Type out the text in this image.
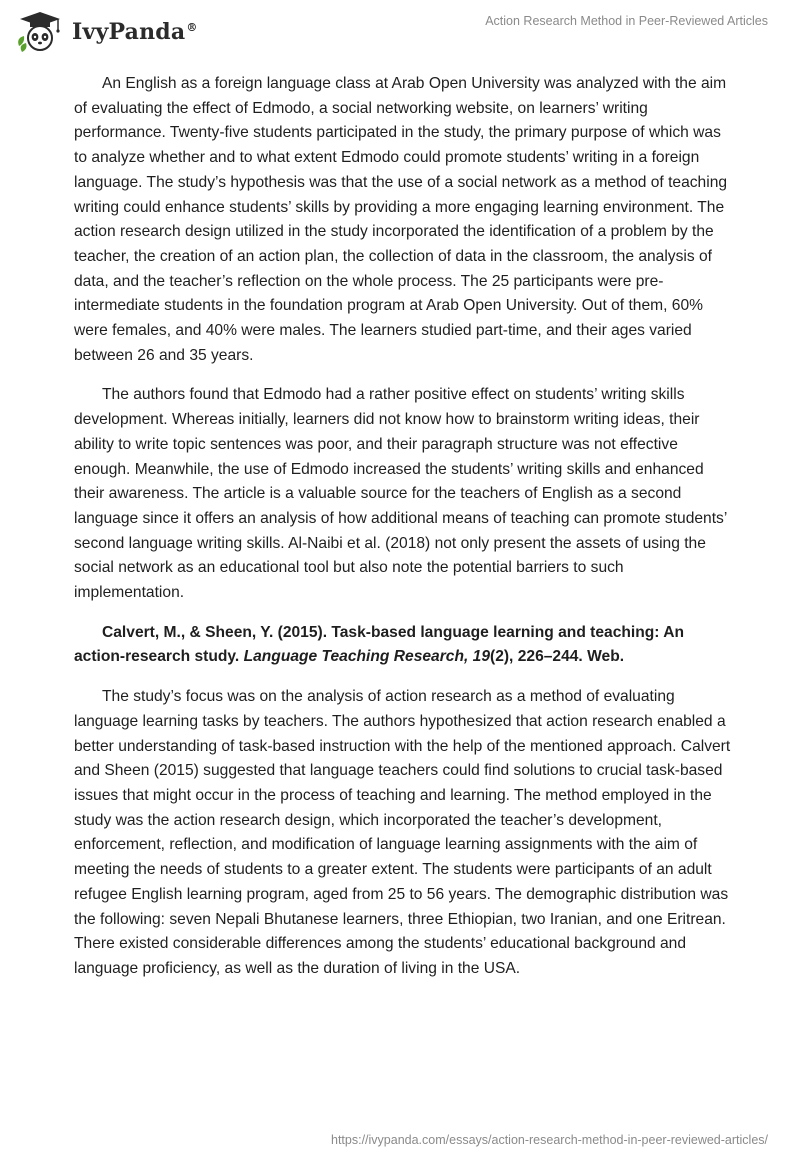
IvyPanda®	Action Research Method in Peer-Reviewed Articles

An English as a foreign language class at Arab Open University was analyzed with the aim of evaluating the effect of Edmodo, a social networking website, on learners’ writing performance. Twenty-five students participated in the study, the primary purpose of which was to analyze whether and to what extent Edmodo could promote students’ writing in a foreign language. The study’s hypothesis was that the use of a social network as a method of teaching writing could enhance students’ skills by providing a more engaging learning environment. The action research design utilized in the study incorporated the identification of a problem by the teacher, the creation of an action plan, the collection of data in the classroom, the analysis of data, and the teacher’s reflection on the whole process. The 25 participants were pre-intermediate students in the foundation program at Arab Open University. Out of them, 60% were females, and 40% were males. The learners studied part-time, and their ages varied between 26 and 35 years.

The authors found that Edmodo had a rather positive effect on students’ writing skills development. Whereas initially, learners did not know how to brainstorm writing ideas, their ability to write topic sentences was poor, and their paragraph structure was not effective enough. Meanwhile, the use of Edmodo increased the students’ writing skills and enhanced their awareness. The article is a valuable source for the teachers of English as a second language since it offers an analysis of how additional means of teaching can promote students’ second language writing skills. Al-Naibi et al. (2018) not only present the assets of using the social network as an educational tool but also note the potential barriers to such implementation.

Calvert, M., & Sheen, Y. (2015). Task-based language learning and teaching: An action-research study. Language Teaching Research, 19(2), 226–244. Web.

The study’s focus was on the analysis of action research as a method of evaluating language learning tasks by teachers. The authors hypothesized that action research enabled a better understanding of task-based instruction with the help of the mentioned approach. Calvert and Sheen (2015) suggested that language teachers could find solutions to crucial task-based issues that might occur in the process of teaching and learning. The method employed in the study was the action research design, which incorporated the teacher’s development, enforcement, reflection, and modification of language learning assignments with the aim of meeting the needs of students to a greater extent. The students were participants of an adult refugee English learning program, aged from 25 to 56 years. The demographic distribution was the following: seven Nepali Bhutanese learners, three Ethiopian, two Iranian, and one Eritrean. There existed considerable differences among the students’ educational background and language proficiency, as well as the duration of living in the USA.

https://ivypanda.com/essays/action-research-method-in-peer-reviewed-articles/
